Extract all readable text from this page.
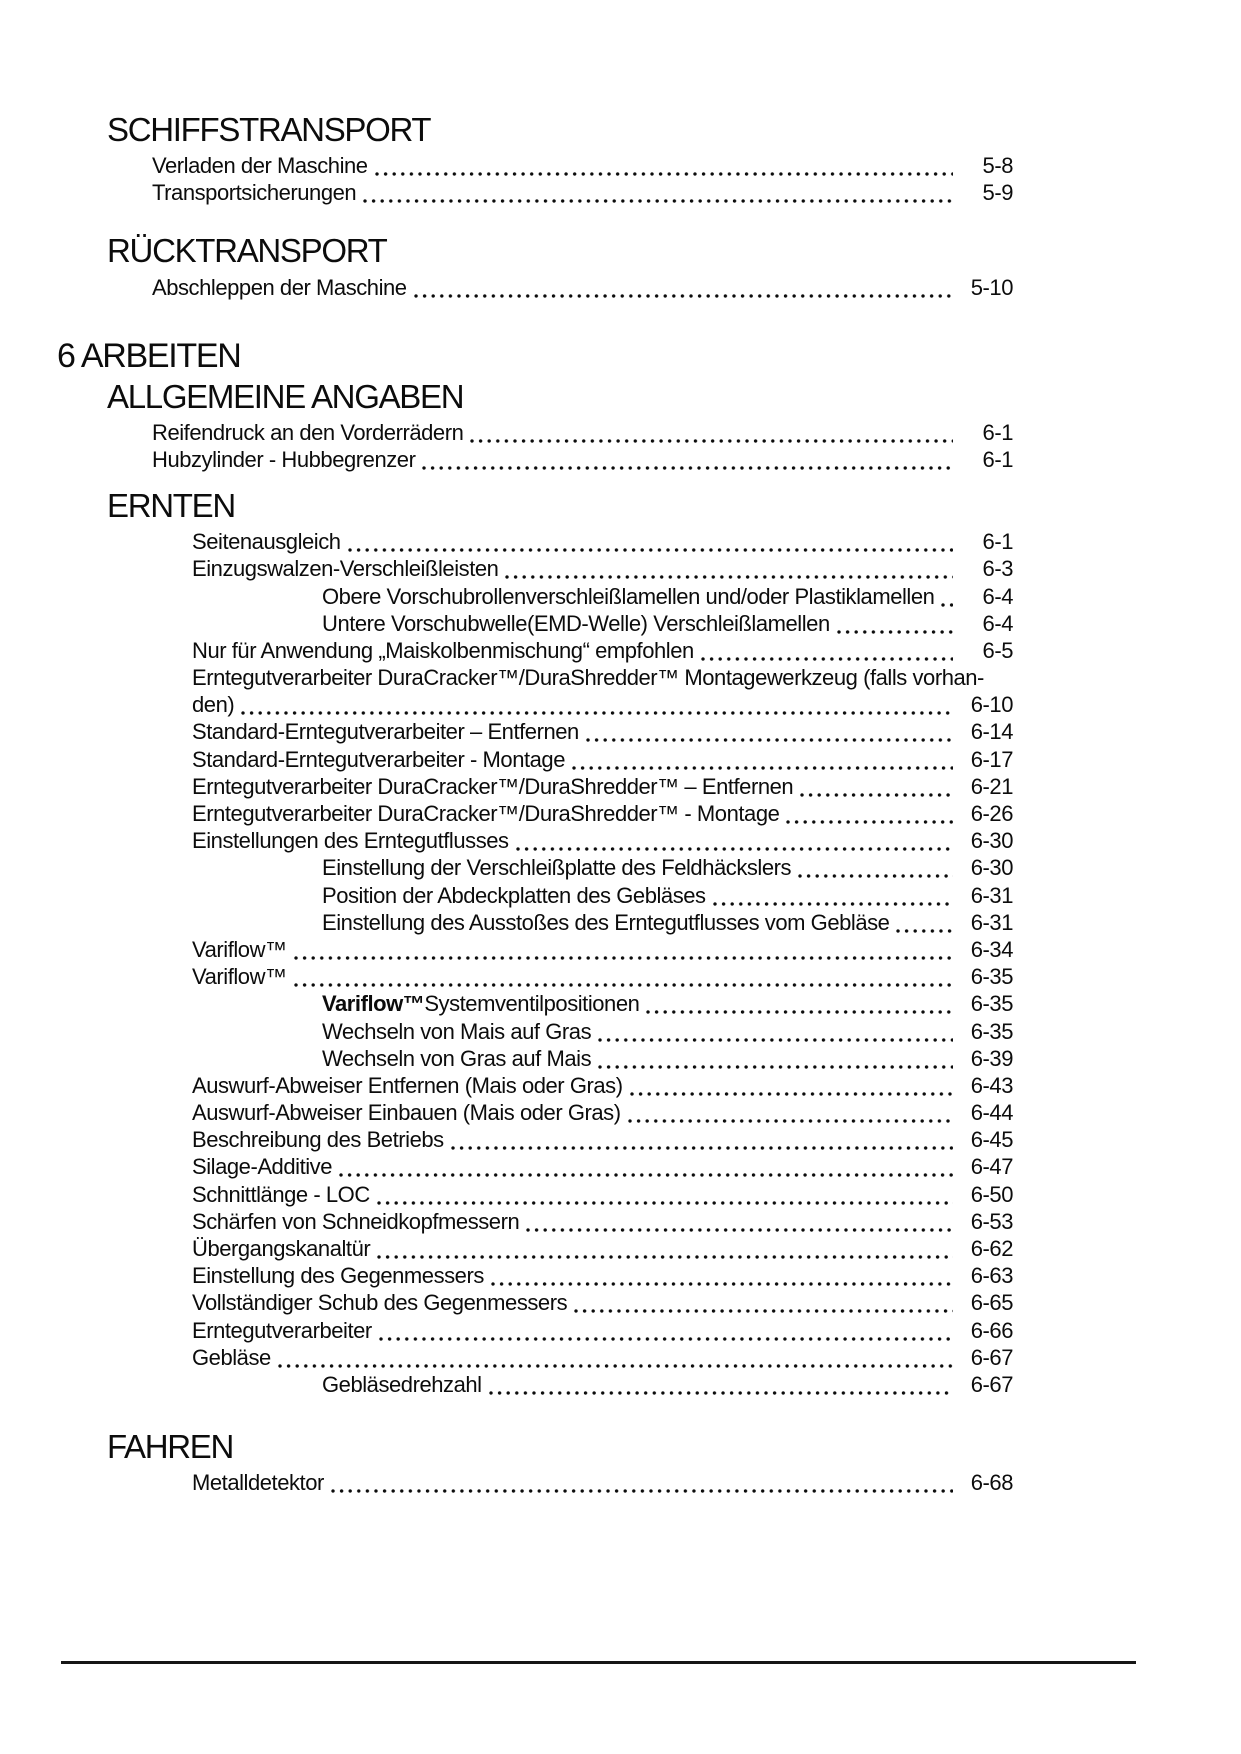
SCHIFFSTRANSPORT
Verladen der Maschine	5-8
Transportsicherungen	5-9
RÜCKTRANSPORT
Abschleppen der Maschine	5-10
6 ARBEITEN
ALLGEMEINE ANGABEN
Reifendruck an den Vorderrädern	6-1
Hubzylinder - Hubbegrenzer	6-1
ERNTEN
Seitenausgleich	6-1
Einzugswalzen-Verschleißleisten	6-3
Obere Vorschubrollenverschleißlamellen und/oder Plastiklamellen	6-4
Untere Vorschubwelle(EMD-Welle) Verschleißlamellen	6-4
Nur für Anwendung „Maiskolbenmischung“ empfohlen	6-5
Erntegutverarbeiter DuraCracker™/DuraShredder™ Montagewerkzeug (falls vorhan-
den)	6-10
Standard-Erntegutverarbeiter – Entfernen	6-14
Standard-Erntegutverarbeiter - Montage	6-17
Erntegutverarbeiter DuraCracker™/DuraShredder™ – Entfernen	6-21
Erntegutverarbeiter DuraCracker™/DuraShredder™ - Montage	6-26
Einstellungen des Erntegutflusses	6-30
Einstellung der Verschleißplatte des Feldhäckslers	6-30
Position der Abdeckplatten des Gebläses	6-31
Einstellung des Ausstoßes des Erntegutflusses vom Gebläse	6-31
Variflow™	6-34
Variflow™	6-35
Variflow™ Systemventilpositionen	6-35
Wechseln von Mais auf Gras	6-35
Wechseln von Gras auf Mais	6-39
Auswurf-Abweiser Entfernen (Mais oder Gras)	6-43
Auswurf-Abweiser Einbauen (Mais oder Gras)	6-44
Beschreibung des Betriebs	6-45
Silage-Additive	6-47
Schnittlänge - LOC	6-50
Schärfen von Schneidkopfmessern	6-53
Übergangskanaltür	6-62
Einstellung des Gegenmessers	6-63
Vollständiger Schub des Gegenmessers	6-65
Erntegutverarbeiter	6-66
Gebläse	6-67
Gebläsedrehzahl	6-67
FAHREN
Metalldetektor	6-68
